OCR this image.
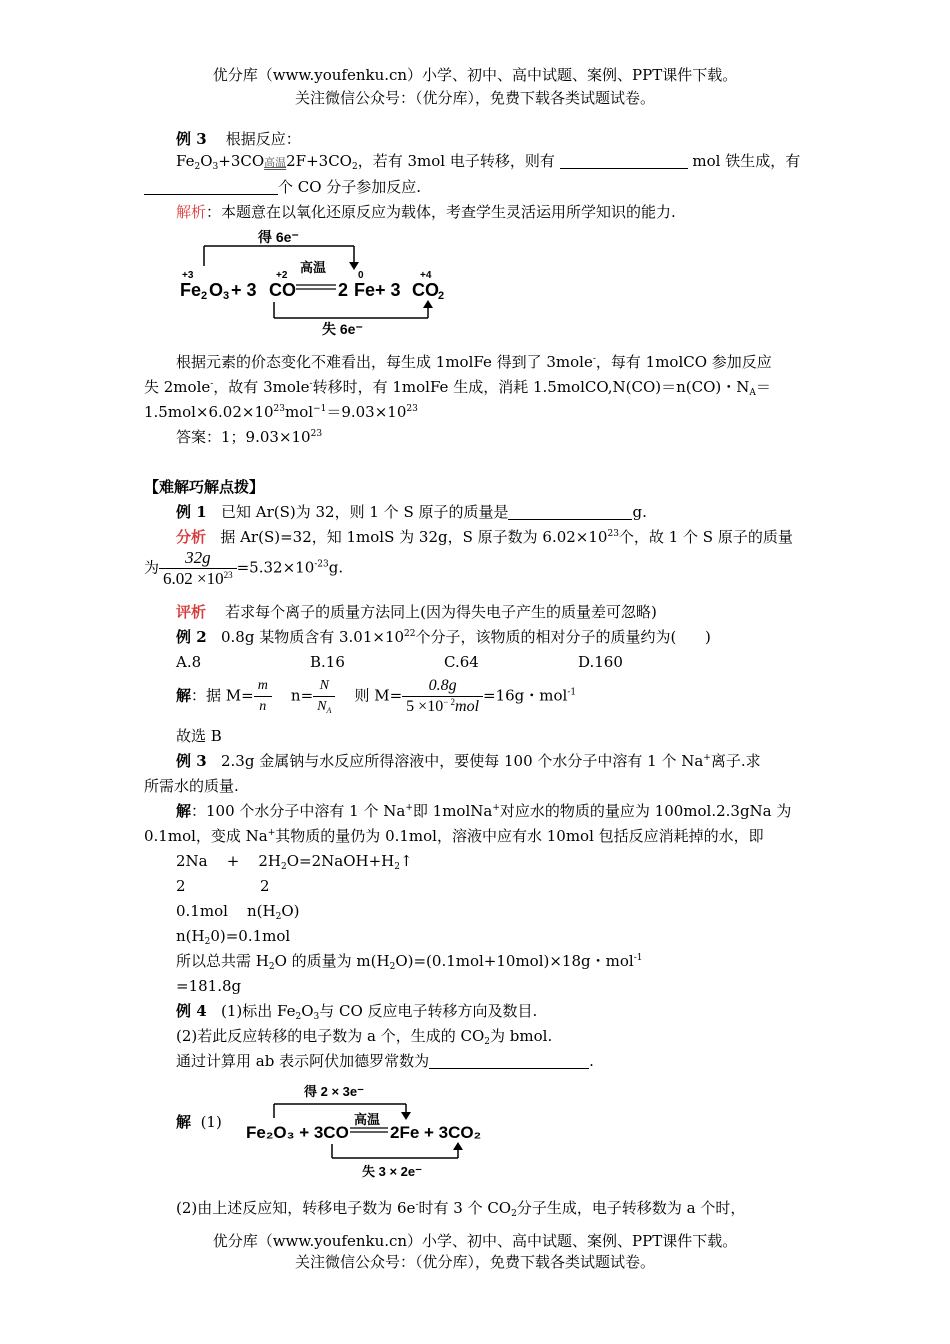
优分库（www.youfenku.cn）小学、初中、高中试题、案例、PPT课件下载。
关注微信公众号：（优分库），免费下载各类试题试卷。
例 3 根据反应：
$Fe_2O_3+3CO$高温$2F+3CO_2$，若有 3mol 电子转移，则有	mol 铁生成，有
个 CO 分子参加反应.
解析：本题意在以氧化还原反应为载体，考查学生灵活运用所学知识的能力.
得 6e⁻
+3	+2	0	+4
高温
Fe 2 O 3 + 3 CO 2 Fe + 3 CO 2
失 6e⁻
根据元素的价态变化不难看出，每生成 1molFe 得到了 3mole-，每有 1molCO 参加反应
失 2mole-，故有 3mole-转移时，有 1molFe 生成，消耗 1.5molCO,N(CO)＝n(CO)・$N_A=$
$1.5mol\times 6.02\times 10^{23}mol^{-1}=9.03\times 10^{23}$
答案：1；$9.03\times 10^{23}$
【难解巧解点拨】
例 1 已知 Ar(S)为 32，则 1 个 S 原子的质量是	g.
分析 据 Ar(S)=32，知 1molS 为 32g，S 原子数为 $6.02\times 10^{23}$个，故 1 个 S 原子的质量
为 $\frac{32g}{6.02 \times 10^{23}} =5.32\times 10^{-23}g$.
评析 若求每个离子的质量方法同上(因为得失电子产生的质量差可忽略)
例 2 0.8g 某物质含有 $3.01\times 10^{22}$个分子，该物质的相对分子的质量约为( )
A.8	B.16	C.64	D.160
解：据 $M= \frac{m}{n} n= \frac{N}{N_A}$ 则 $M= \frac{0.8g}{5 \times 10^{- 2}mol} =16g$・mol$^{-1}$
故选 B
例 3 2.3g 金属钠与水反应所得溶液中，要使每 100 个水分子中溶有 1 个 Na+离子.求
所需水的质量.
解：100 个水分子中溶有 1 个 Na+即 1molNa+对应水的物质的量应为 100mol.2.3gNa 为
0.1mol，变成 Na+其物质的量仍为 0.1mol，溶液中应有水 10mol 包括反应消耗掉的水，即
$2Na + 2H_2O=2NaOH+H_2↑$
2	2
0.1mol $n(H_2O)$
$n(H_20)=0.1mol$
所以总共需 $H_2O$ 的质量为 $m(H_2O)=(0.1mol+10mol)\times 18g$・mol$^{-1}$
=181.8g
例 4 (1)标出 $Fe_2O_3$与 CO 反应电子转移方向及数目.
(2)若此反应转移的电子数为 a 个，生成的 $CO_2$为 bmol.
通过计算用 ab 表示阿伏加德罗常数为	.
解 (1)
得 2 × 3e⁻
高温
Fe₂O₃ + 3CO 2Fe + 3CO₂
失 3 × 2e⁻
(2)由上述反应知，转移电子数为 6e-时有 3 个 $CO_2$分子生成，电子转移数为 a 个时，
优分库（www.youfenku.cn）小学、初中、高中试题、案例、PPT课件下载。
关注微信公众号：（优分库），免费下载各类试题试卷。
